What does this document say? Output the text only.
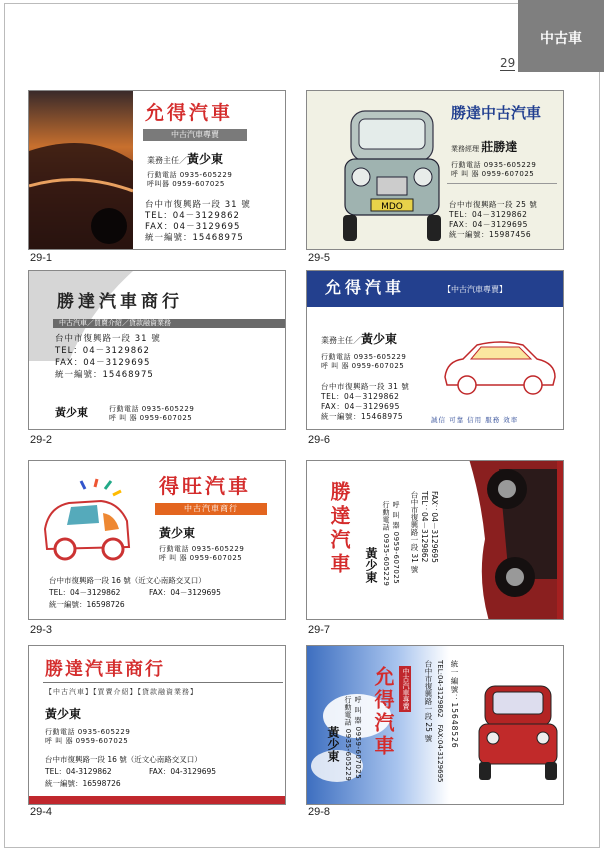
中古車
29
允得汽車
中古汽車專賣
業務主任／黃少東
行動電話 0935-605229
呼叫器 0959-607025
台中市復興路一段 31 號
TEL：04－3129862
FAX：04－3129695
統一編號：15468975
29-1
MDO
勝達中古汽車
業務經理 莊勝達
行動電話 0935-605229
呼 叫 器 0959-607025
台中市復興路一段 25 號
TEL：04－3129862
FAX：04－3129695
統一編號：15987456
29-5
勝達汽車商行
中古汽車／買賣介紹／貸款融資業務
台中市復興路一段 31 號
TEL：04－3129862
FAX：04－3129695
統一編號：15468975
黃少東	行動電話 0935-605229
呼 叫 器 0959-607025
29-2
允得汽車	【中古汽車專賣】
業務主任／黃少東
行動電話 0935-605229
呼 叫 器 0959-607025
台中市復興路一段 31 號
TEL：04－3129862
FAX：04－3129695
統一編號：15468975	誠信 可靠 信用 服務 效率
29-6
得旺汽車
中古汽車商行
黃少東
行動電話 0935-605229
呼 叫 器 0959-607025
台中市復興路一段 16 號（近文心南路交叉口）
TEL：04－3129862	FAX：04－3129695
統一編號：16598726
29-3
勝達汽車 黃少東 行動電話 0935-605229 呼 叫 器 0959-607025 台中市復興路一段 31 號 TEL：04－3129862 FAX：04－3129695
29-7
勝達汽車商行
【中古汽車】【買賣介紹】【貸款融資業務】
黃少東
行動電話 0935-605229
呼 叫 器 0959-607025
台中市復興路一段 16 號（近文心南路交叉口）
TEL：04-3129862	FAX：04-3129695
統一編號：16598726
29-4
黃少東 行動電話 0935-605229 呼 叫 器 0959-607025 允得汽車	中古汽車專賣 台中市復興路一段 25 號 TEL:04-3129862　FAX:04-3129695 統一編號：15648526
29-8
